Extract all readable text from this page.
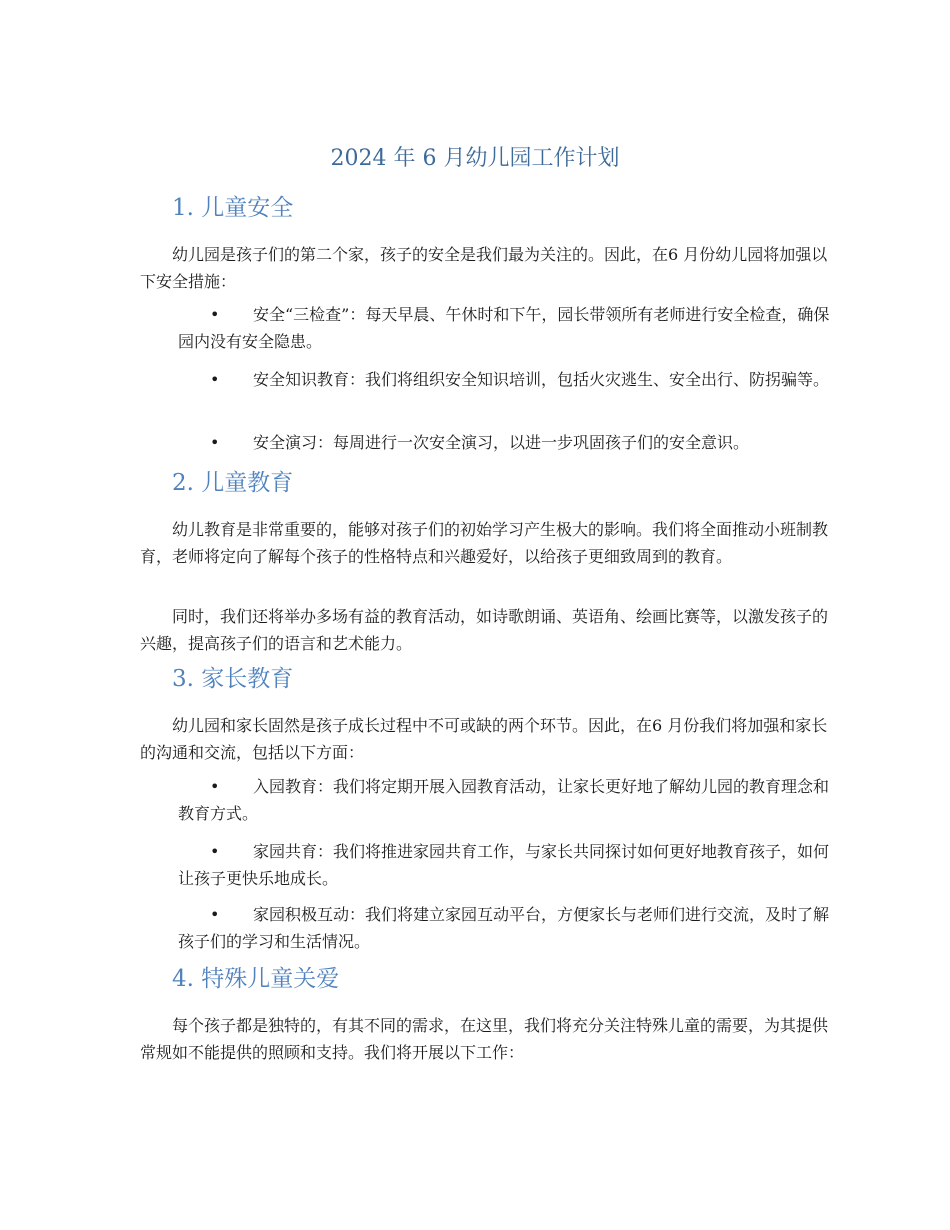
2024 年 6 月幼儿园工作计划
1. 儿童安全

幼儿园是孩子们的第二个家，孩子的安全是我们最为关注的。因此，在6 月份幼儿园将加强以下安全措施：

•	安全“三检查”：每天早晨、午休时和下午，园长带领所有老师进行安全检查，确保园内没有安全隐患。
•	安全知识教育：我们将组织安全知识培训，包括火灾逃生、安全出行、防拐骗等。
•	安全演习：每周进行一次安全演习，以进一步巩固孩子们的安全意识。
2. 儿童教育

幼儿教育是非常重要的，能够对孩子们的初始学习产生极大的影响。我们将全面推动小班制教育，老师将定向了解每个孩子的性格特点和兴趣爱好，以给孩子更细致周到的教育。

同时，我们还将举办多场有益的教育活动，如诗歌朗诵、英语角、绘画比赛等，以激发孩子的兴趣，提高孩子们的语言和艺术能力。

3. 家长教育

幼儿园和家长固然是孩子成长过程中不可或缺的两个环节。因此，在6 月份我们将加强和家长的沟通和交流，包括以下方面：

•	入园教育：我们将定期开展入园教育活动，让家长更好地了解幼儿园的教育理念和教育方式。
•	家园共育：我们将推进家园共育工作，与家长共同探讨如何更好地教育孩子，如何让孩子更快乐地成长。
•	家园积极互动：我们将建立家园互动平台，方便家长与老师们进行交流，及时了解孩子们的学习和生活情况。
4. 特殊儿童关爱

每个孩子都是独特的，有其不同的需求，在这里，我们将充分关注特殊儿童的需要，为其提供常规如不能提供的照顾和支持。我们将开展以下工作：
